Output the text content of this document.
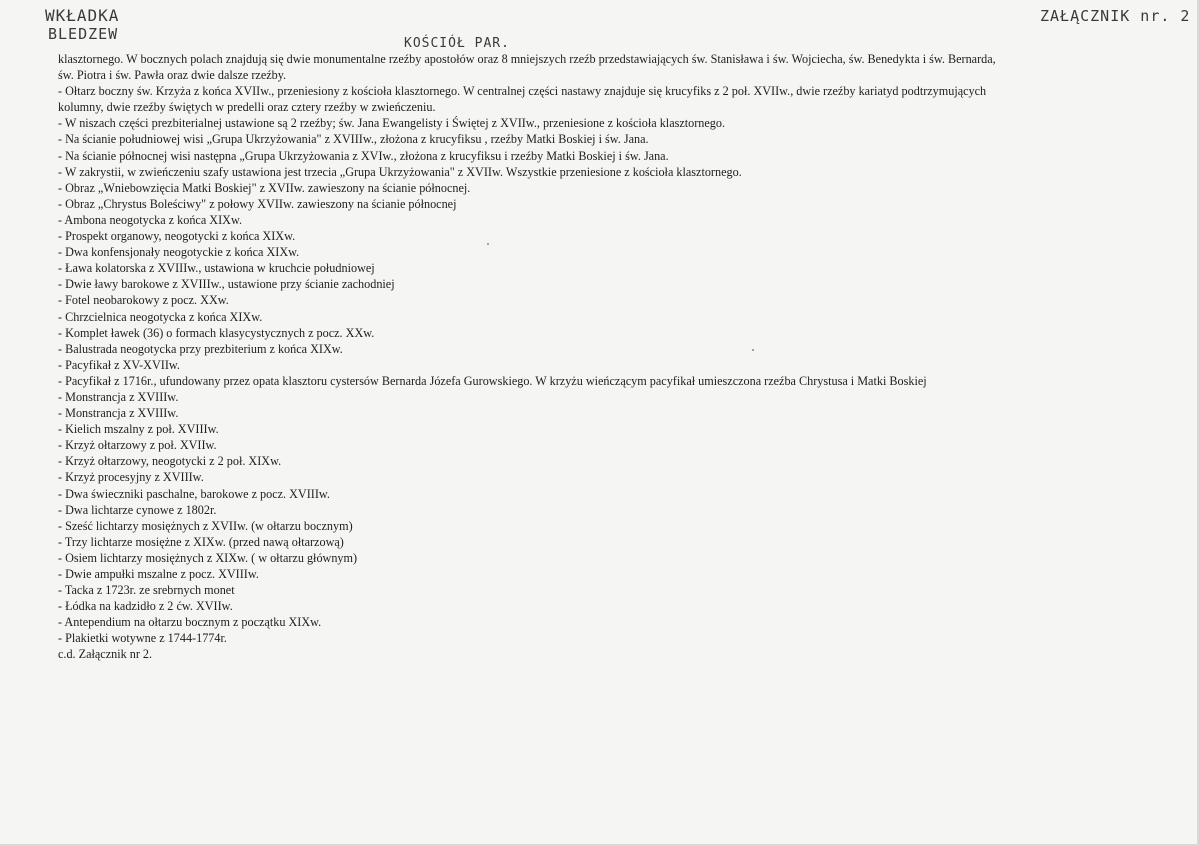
WKŁADKA
BLEDZEW
KOŚCIÓŁ PAR.
ZAŁĄCZNIK nr. 2
klasztornego. W bocznych polach znajdują się dwie monumentalne rzeźby apostołów oraz 8 mniejszych rzeźb przedstawiających św. Stanisława i św. Wojciecha, św. Benedykta i św. Bernarda,
św. Piotra i św. Pawła oraz dwie dalsze rzeźby.
- Ołtarz boczny św. Krzyża z końca XVIIw., przeniesiony z kościoła klasztornego. W centralnej części nastawy znajduje się krucyfiks z 2 poł. XVIIw., dwie rzeźby kariatyd podtrzymujących
kolumny, dwie rzeźby świętych w predelli oraz cztery rzeźby w zwieńczeniu.
- W niszach części prezbiterialnej ustawione są 2 rzeźby; św. Jana Ewangelisty i Świętej z XVIIw., przeniesione z kościoła klasztornego.
- Na ścianie południowej wisi „Grupa Ukrzyżowania" z XVIIIw., złożona z krucyfiksu , rzeźby Matki Boskiej i św. Jana.
- Na ścianie północnej wisi następna „Grupa Ukrzyżowania z XVIw., złożona z krucyfiksu i rzeźby Matki Boskiej i św. Jana.
- W zakrystii, w zwieńczeniu szafy ustawiona jest trzecia „Grupa Ukrzyżowania" z XVIIw. Wszystkie przeniesione z kościoła klasztornego.
- Obraz „Wniebowzięcia Matki Boskiej" z XVIIw. zawieszony na ścianie północnej.
- Obraz „Chrystus Boleściwy" z połowy XVIIw. zawieszony na ścianie północnej
- Ambona neogotycka z końca XIXw.
- Prospekt organowy, neogotycki z końca XIXw.
- Dwa konfensjonały neogotyckie z końca XIXw.
- Ława kolatorska z XVIIIw., ustawiona w kruchcie południowej
- Dwie ławy barokowe z XVIIIw., ustawione przy ścianie zachodniej
- Fotel neobarokowy z pocz. XXw.
- Chrzcielnica neogotycka z końca XIXw.
- Komplet ławek (36) o formach klasycystycznych z pocz. XXw.
- Balustrada neogotycka przy prezbiterium z końca XIXw.
- Pacyfikał z XV-XVIIw.
- Pacyfikał z 1716r., ufundowany przez opata klasztoru cystersów Bernarda Józefa Gurowskiego. W krzyżu wieńczącym pacyfikał umieszczona rzeźba Chrystusa i Matki Boskiej
- Monstrancja z XVIIIw.
- Monstrancja z XVIIIw.
- Kielich mszalny z poł. XVIIIw.
- Krzyż ołtarzowy z poł. XVIIw.
- Krzyż ołtarzowy, neogotycki z 2 poł. XIXw.
- Krzyż procesyjny z XVIIIw.
- Dwa świeczniki paschalne, barokowe z pocz. XVIIIw.
- Dwa lichtarze cynowe z 1802r.
- Sześć lichtarzy mosiężnych z XVIIw. (w ołtarzu bocznym)
- Trzy lichtarze mosiężne z XIXw. (przed nawą ołtarzową)
- Osiem lichtarzy mosiężnych z XIXw. ( w ołtarzu głównym)
- Dwie ampułki mszalne z pocz. XVIIIw.
- Tacka z 1723r. ze srebrnych monet
- Łódka na kadzidło z 2 ćw. XVIIw.
- Antependium na ołtarzu bocznym z początku XIXw.
- Plakietki wotywne z 1744-1774r.
c.d. Załącznik nr 2.
